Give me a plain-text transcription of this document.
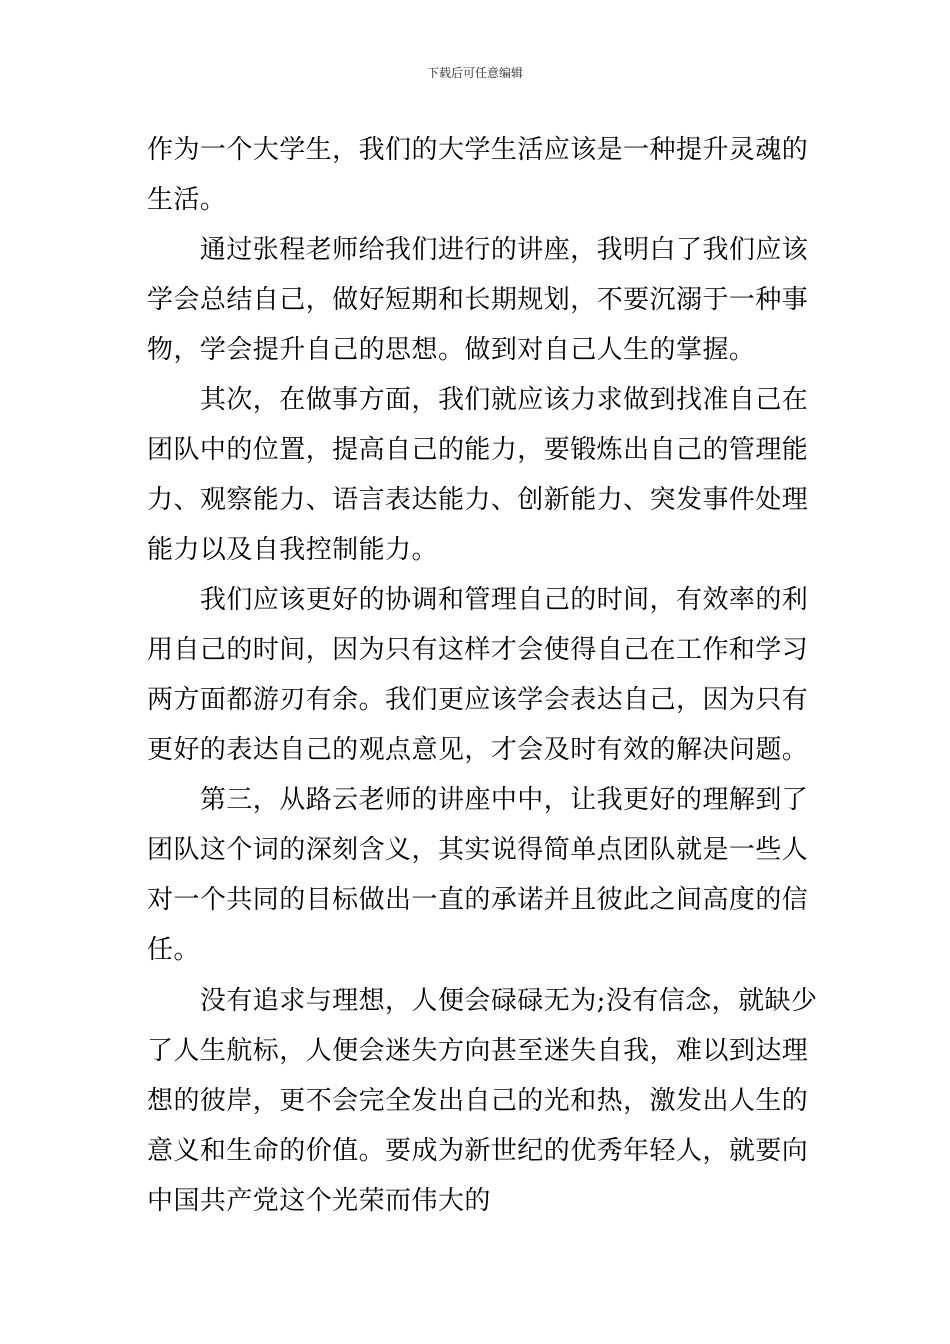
下载后可任意编辑
作为一个大学生，我们的大学生活应该是一种提升灵魂的
生活。
　　通过张程老师给我们进行的讲座，我明白了我们应该
学会总结自己，做好短期和长期规划，不要沉溺于一种事
物，学会提升自己的思想。做到对自己人生的掌握。
　　其次，在做事方面，我们就应该力求做到找准自己在
团队中的位置，提高自己的能力，要锻炼出自己的管理能
力、观察能力、语言表达能力、创新能力、突发事件处理
能力以及自我控制能力。
　　我们应该更好的协调和管理自己的时间，有效率的利
用自己的时间，因为只有这样才会使得自己在工作和学习
两方面都游刃有余。我们更应该学会表达自己，因为只有
更好的表达自己的观点意见，才会及时有效的解决问题。
　　第三，从路云老师的讲座中中，让我更好的理解到了
团队这个词的深刻含义，其实说得简单点团队就是一些人
对一个共同的目标做出一直的承诺并且彼此之间高度的信
任。
　　没有追求与理想，人便会碌碌无为;没有信念，就缺少
了人生航标，人便会迷失方向甚至迷失自我，难以到达理
想的彼岸，更不会完全发出自己的光和热，激发出人生的
意义和生命的价值。要成为新世纪的优秀年轻人，就要向
中国共产党这个光荣而伟大的
